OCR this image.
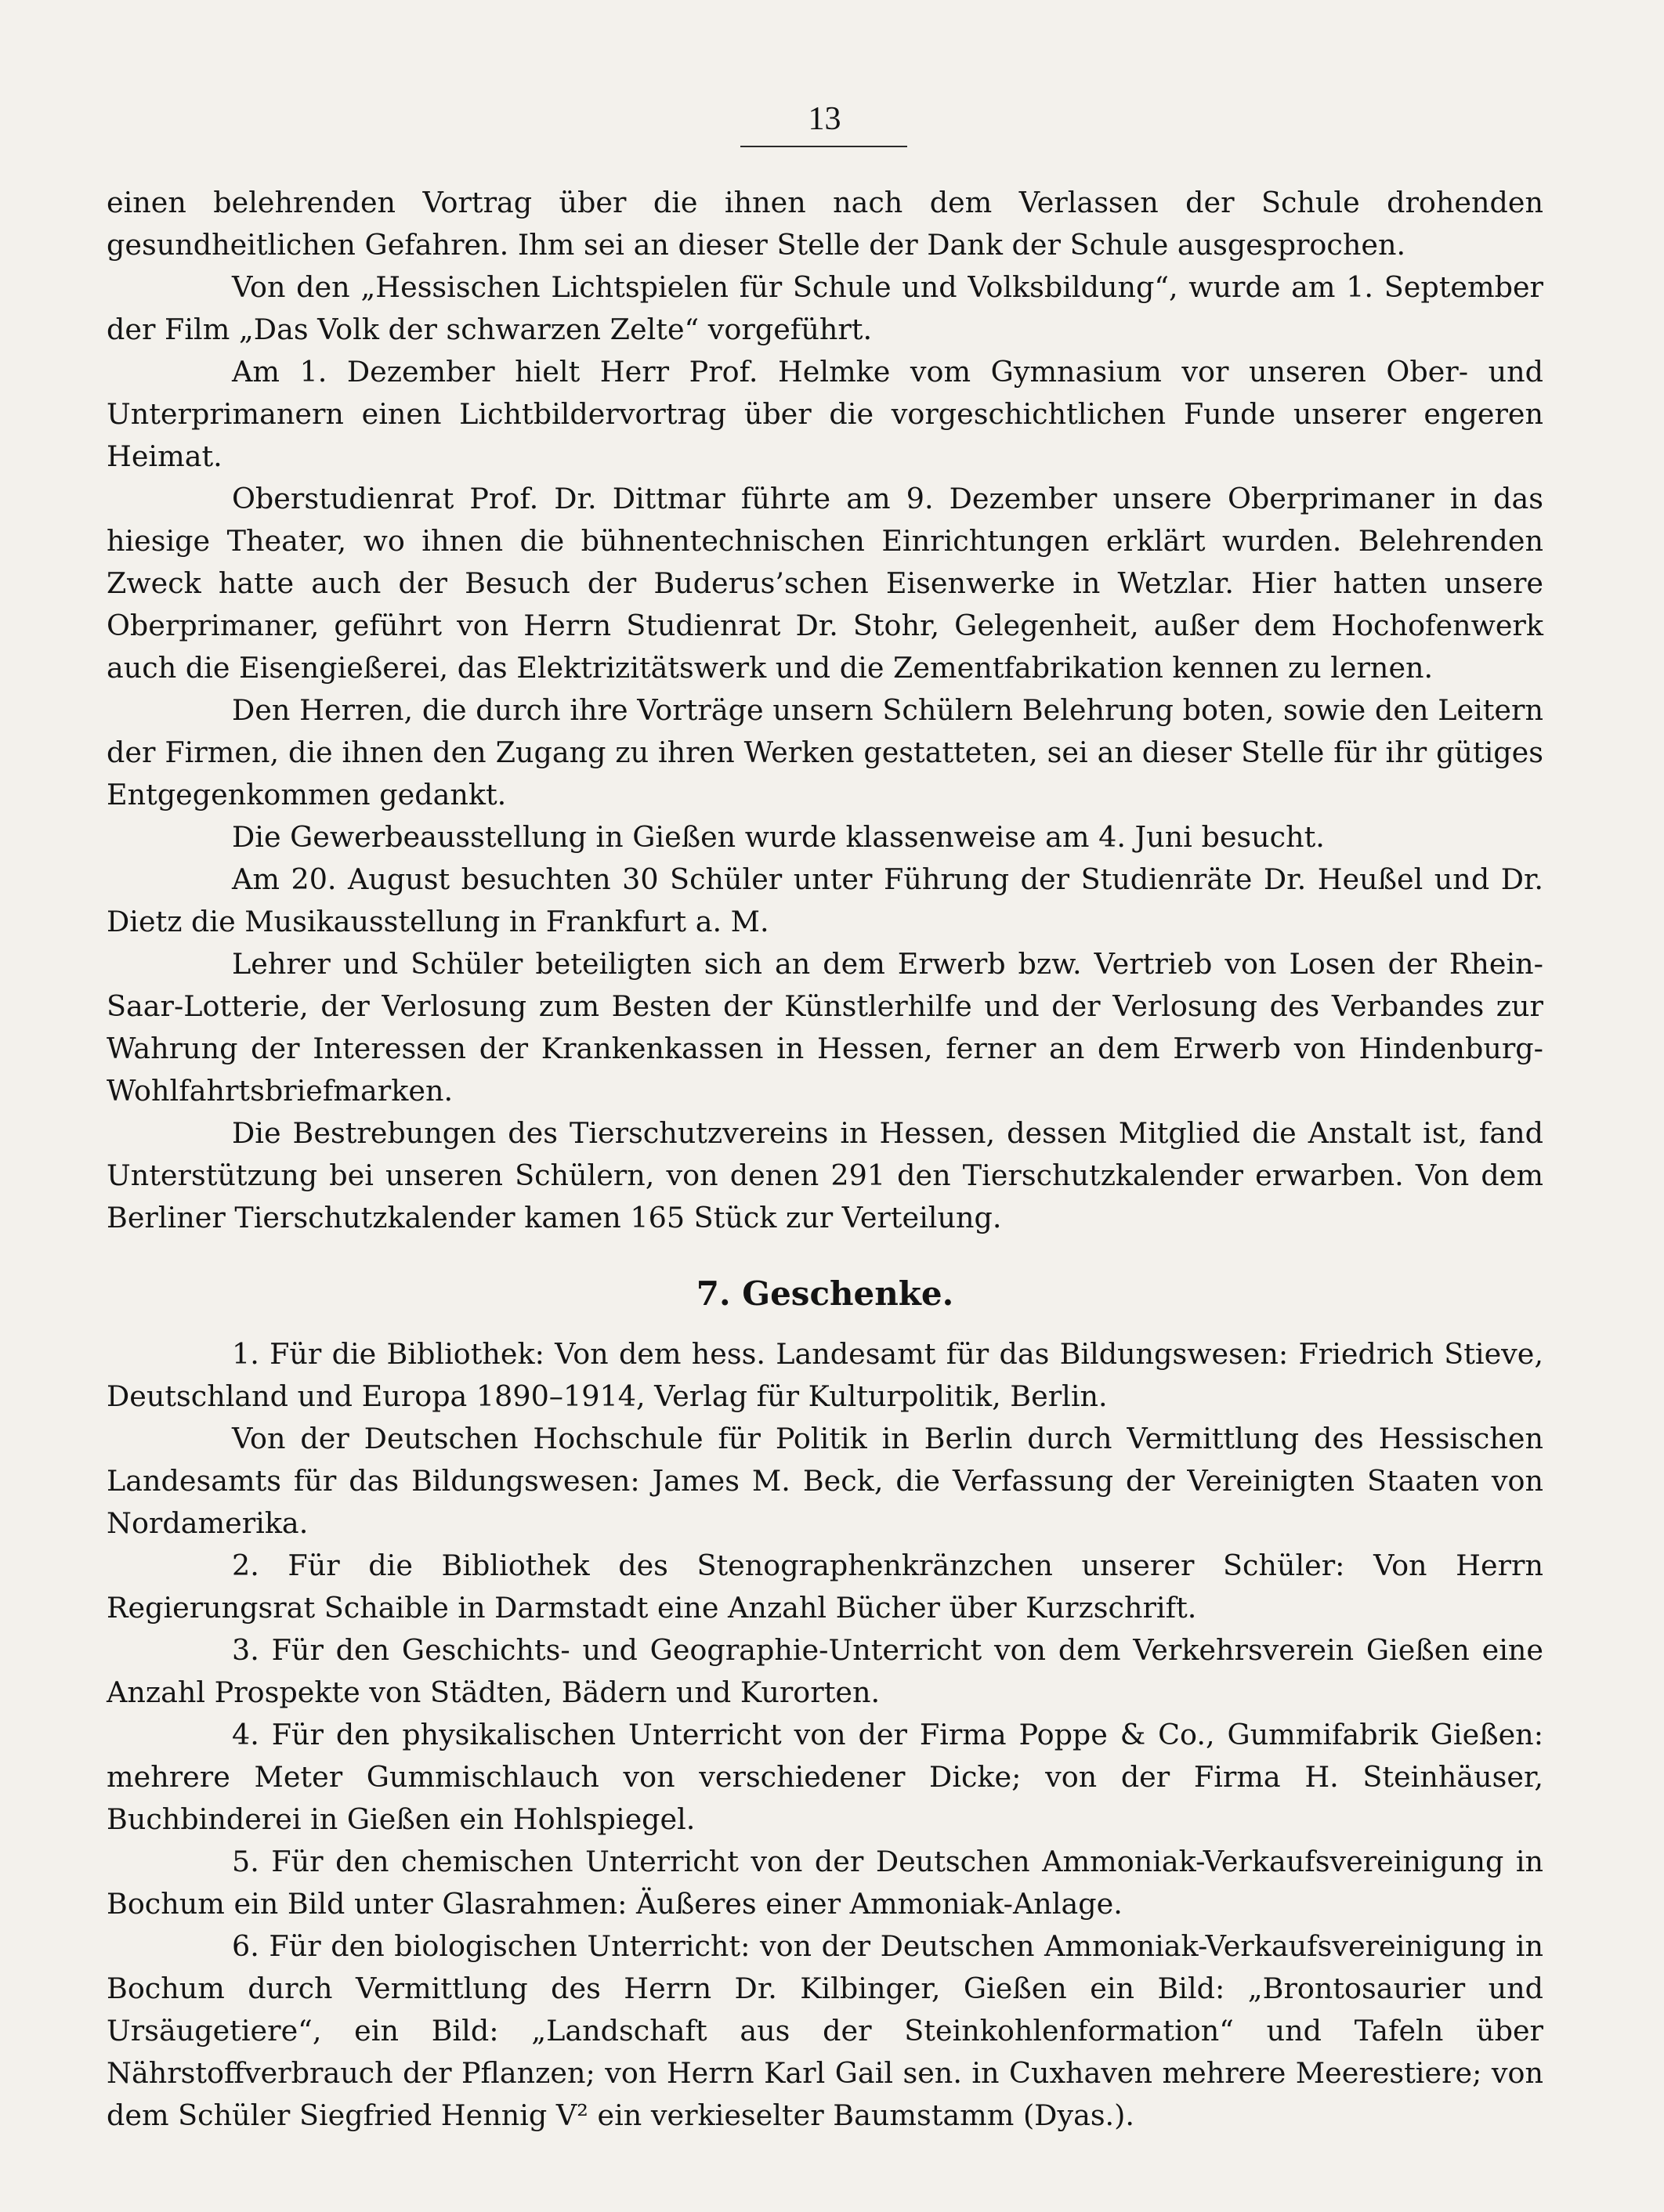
13

einen belehrenden Vortrag über die ihnen nach dem Verlassen der Schule drohenden gesundheitlichen Gefahren. Ihm sei an dieser Stelle der Dank der Schule ausgesprochen.

Von den „Hessischen Lichtspielen für Schule und Volksbildung“, wurde am 1. September der Film „Das Volk der schwarzen Zelte“ vorgeführt.

Am 1. Dezember hielt Herr Prof. Helmke vom Gymnasium vor unseren Ober- und Unterprimanern einen Lichtbildervortrag über die vorgeschichtlichen Funde unserer engeren Heimat.

Oberstudienrat Prof. Dr. Dittmar führte am 9. Dezember unsere Oberprimaner in das hiesige Theater, wo ihnen die bühnentechnischen Einrichtungen erklärt wurden. Belehrenden Zweck hatte auch der Besuch der Buderus’schen Eisenwerke in Wetzlar. Hier hatten unsere Oberprimaner, geführt von Herrn Studienrat Dr. Stohr, Gelegenheit, außer dem Hochofenwerk auch die Eisengießerei, das Elektrizitätswerk und die Zementfabrikation kennen zu lernen.

Den Herren, die durch ihre Vorträge unsern Schülern Belehrung boten, sowie den Leitern der Firmen, die ihnen den Zugang zu ihren Werken gestatteten, sei an dieser Stelle für ihr gütiges Entgegenkommen gedankt.

Die Gewerbeausstellung in Gießen wurde klassenweise am 4. Juni besucht.

Am 20. August besuchten 30 Schüler unter Führung der Studienräte Dr. Heußel und Dr. Dietz die Musikausstellung in Frankfurt a. M.

Lehrer und Schüler beteiligten sich an dem Erwerb bzw. Vertrieb von Losen der Rhein-Saar-Lotterie, der Verlosung zum Besten der Künstlerhilfe und der Verlosung des Verbandes zur Wahrung der Interessen der Krankenkassen in Hessen, ferner an dem Erwerb von Hindenburg-Wohlfahrtsbriefmarken.

Die Bestrebungen des Tierschutzvereins in Hessen, dessen Mitglied die Anstalt ist, fand Unterstützung bei unseren Schülern, von denen 291 den Tierschutzkalender erwarben. Von dem Berliner Tierschutzkalender kamen 165 Stück zur Verteilung.

7. Geschenke.

1. Für die Bibliothek: Von dem hess. Landesamt für das Bildungswesen: Friedrich Stieve, Deutschland und Europa 1890–1914, Verlag für Kulturpolitik, Berlin.

Von der Deutschen Hochschule für Politik in Berlin durch Vermittlung des Hessischen Landesamts für das Bildungswesen: James M. Beck, die Verfassung der Vereinigten Staaten von Nordamerika.

2. Für die Bibliothek des Stenographenkränzchen unserer Schüler: Von Herrn Regierungsrat Schaible in Darmstadt eine Anzahl Bücher über Kurzschrift.

3. Für den Geschichts- und Geographie-Unterricht von dem Verkehrsverein Gießen eine Anzahl Prospekte von Städten, Bädern und Kurorten.

4. Für den physikalischen Unterricht von der Firma Poppe & Co., Gummifabrik Gießen: mehrere Meter Gummischlauch von verschiedener Dicke; von der Firma H. Steinhäuser, Buchbinderei in Gießen ein Hohlspiegel.

5. Für den chemischen Unterricht von der Deutschen Ammoniak-Verkaufsvereinigung in Bochum ein Bild unter Glasrahmen: Äußeres einer Ammoniak-Anlage.

6. Für den biologischen Unterricht: von der Deutschen Ammoniak-Verkaufsvereinigung in Bochum durch Vermittlung des Herrn Dr. Kilbinger, Gießen ein Bild: „Brontosaurier und Ursäugetiere“, ein Bild: „Landschaft aus der Steinkohlenformation“ und Tafeln über Nährstoffverbrauch der Pflanzen; von Herrn Karl Gail sen. in Cuxhaven mehrere Meerestiere; von dem Schüler Siegfried Hennig V² ein verkieselter Baumstamm (Dyas.).
